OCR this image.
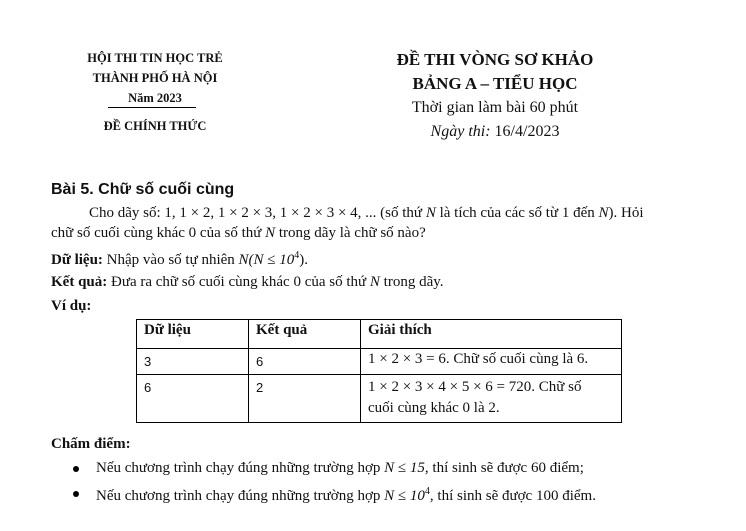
HỘI THI TIN HỌC TRẺ
THÀNH PHỐ HÀ NỘI
Năm 2023
ĐỀ CHÍNH THỨC
ĐỀ THI VÒNG SƠ KHẢO
BẢNG A – TIỂU HỌC
Thời gian làm bài 60 phút
Ngày thi: 16/4/2023
Bài 5. Chữ số cuối cùng
Cho dãy số: 1, 1 × 2, 1 × 2 × 3, 1 × 2 × 3 × 4, ... (số thứ N là tích của các số từ 1 đến N). Hỏi
chữ số cuối cùng khác 0 của số thứ N trong dãy là chữ số nào?
Dữ liệu: Nhập vào số tự nhiên $N(N \le 10^4)$.
Kết quả: Đưa ra chữ số cuối cùng khác 0 của số thứ N trong dãy.
Ví dụ:
Dữ liệu	Kết quả	Giải thích
3	6	1 × 2 × 3 = 6. Chữ số cuối cùng là 6.
6	2	1 × 2 × 3 × 4 × 5 × 6 = 720. Chữ số
cuối cùng khác 0 là 2.
Chấm điểm:
Nếu chương trình chạy đúng những trường hợp N ≤ 15, thí sinh sẽ được 60 điểm;
Nếu chương trình chạy đúng những trường hợp $N \le 10^4$, thí sinh sẽ được 100 điểm.
